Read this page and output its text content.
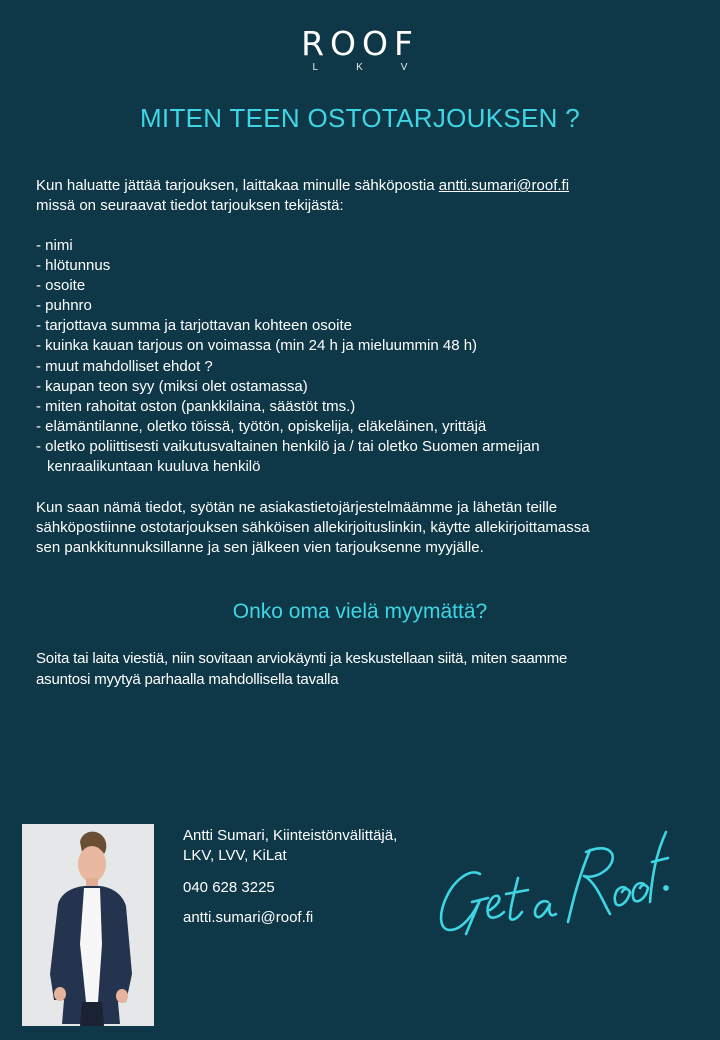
ROOF
LKV
MITEN TEEN OSTOTARJOUKSEN ?
Kun haluatte jättää tarjouksen, laittakaa minulle sähköpostia antti.sumari@roof.fi
missä on seuraavat tiedot tarjouksen tekijästä:
- nimi
- hlötunnus
- osoite
- puhnro
- tarjottava summa ja tarjottavan kohteen osoite
- kuinka kauan tarjous on voimassa (min 24 h ja mieluummin 48 h)
- muut mahdolliset ehdot ?
- kaupan teon syy (miksi olet ostamassa)
- miten rahoitat oston (pankkilaina, säästöt tms.)
- elämäntilanne, oletko töissä, työtön, opiskelija, eläkeläinen, yrittäjä
- oletko poliittisesti vaikutusvaltainen henkilö ja / tai oletko Suomen armeijan
kenraalikuntaan kuuluva henkilö
Kun saan nämä tiedot, syötän ne asiakastietojärjestelmäämme ja lähetän teille
sähköpostiinne ostotarjouksen sähköisen allekirjoituslinkin, käytte allekirjoittamassa
sen pankkitunnuksillanne ja sen jälkeen vien tarjouksenne myyjälle.
Onko oma vielä myymättä?
Soita tai laita viestiä, niin sovitaan arviokäynti ja keskustellaan siitä, miten saamme
asuntosi myytyä parhaalla mahdollisella tavalla
Antti Sumari, Kiinteistönvälittäjä,
LKV, LVV, KiLat
040 628 3225
antti.sumari@roof.fi
